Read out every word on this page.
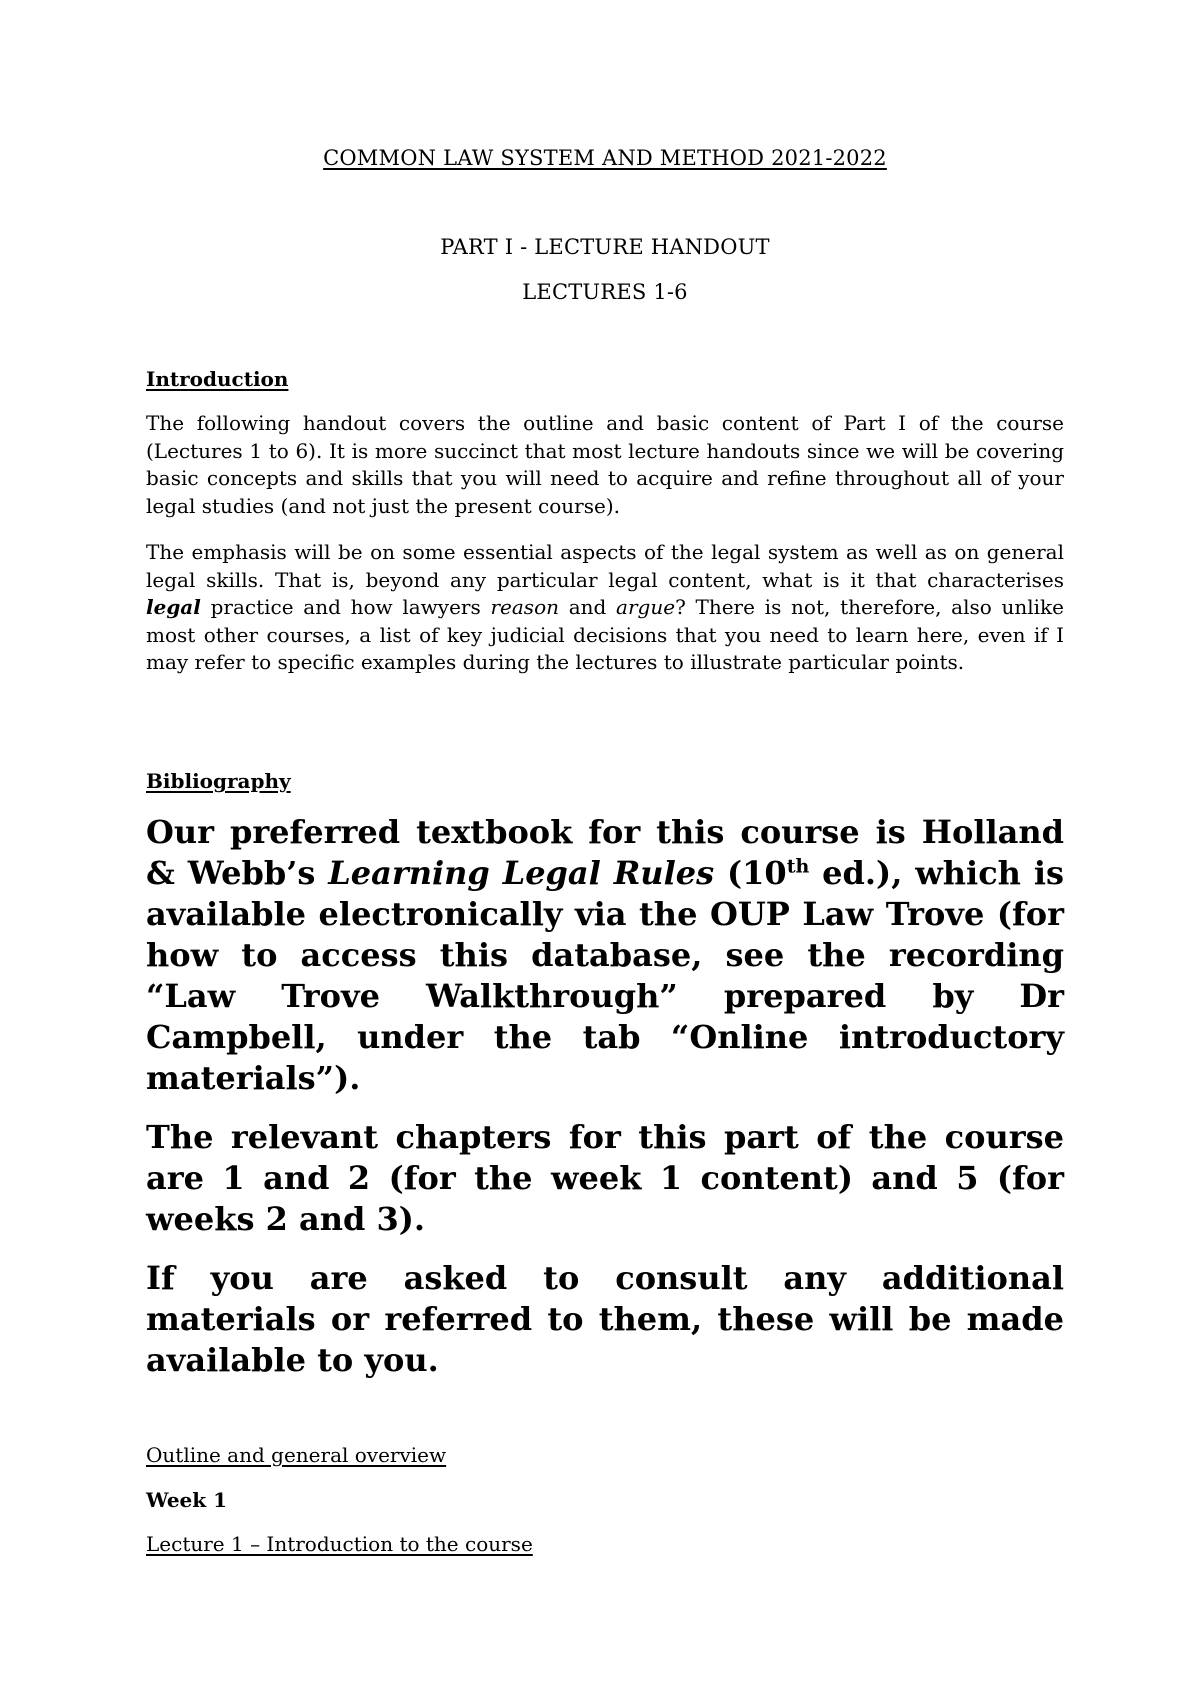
COMMON LAW SYSTEM AND METHOD 2021-2022
PART I - LECTURE HANDOUT
LECTURES 1-6
Introduction
The following handout covers the outline and basic content of Part I of the course (Lectures 1 to 6). It is more succinct that most lecture handouts since we will be covering basic concepts and skills that you will need to acquire and refine throughout all of your legal studies (and not just the present course).
The emphasis will be on some essential aspects of the legal system as well as on general legal skills. That is, beyond any particular legal content, what is it that characterises legal practice and how lawyers reason and argue? There is not, therefore, also unlike most other courses, a list of key judicial decisions that you need to learn here, even if I may refer to specific examples during the lectures to illustrate particular points.
Bibliography
Our preferred textbook for this course is Holland & Webb’s Learning Legal Rules (10th ed.), which is available electronically via the OUP Law Trove (for how to access this database, see the recording “Law Trove Walkthrough” prepared by Dr Campbell, under the tab “Online introductory materials”).
The relevant chapters for this part of the course are 1 and 2 (for the week 1 content) and 5 (for weeks 2 and 3).
If you are asked to consult any additional materials or referred to them, these will be made available to you.
Outline and general overview
Week 1
Lecture 1 – Introduction to the course
